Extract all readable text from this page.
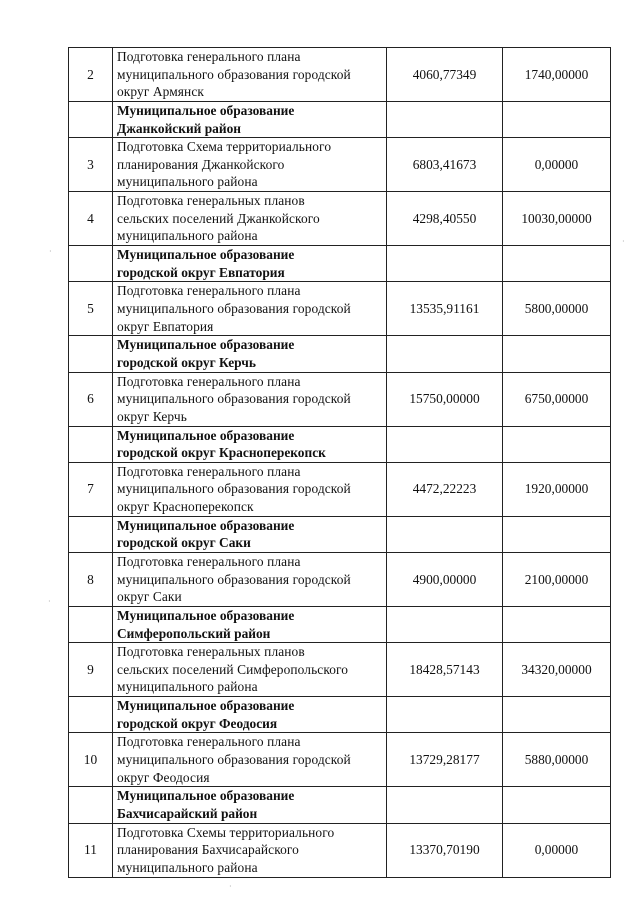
2	Подготовка генерального плана
муниципального образования городской
округ Армянск	4060,77349	1740,00000

	Муниципальное образование
Джанкойский район		

3	Подготовка Схема территориального
планирования Джанкойского
муниципального района	6803,41673	0,00000
4	Подготовка генеральных планов
сельских поселений Джанкойского
муниципального района	4298,40550	10030,00000

	Муниципальное образование
городской округ Евпатория		

5	Подготовка генерального плана
муниципального образования городской
округ Евпатория	13535,91161	5800,00000

	Муниципальное образование
городской округ Керчь		

6	Подготовка генерального плана
муниципального образования городской
округ Керчь	15750,00000	6750,00000

	Муниципальное образование
городской округ Красноперекопск		

7	Подготовка генерального плана
муниципального образования городской
округ Красноперекопск	4472,22223	1920,00000

	Муниципальное образование
городской округ Саки		

8	Подготовка генерального плана
муниципального образования городской
округ Саки	4900,00000	2100,00000

	Муниципальное образование
Симферопольский район		

9	Подготовка генеральных планов
сельских поселений Симферопольского
муниципального района	18428,57143	34320,00000

	Муниципальное образование
городской округ Феодосия		

10	Подготовка генерального плана
муниципального образования городской
округ Феодосия	13729,28177	5880,00000

	Муниципальное образование
Бахчисарайский район		

11	Подготовка Схемы территориального
планирования Бахчисарайского
муниципального района	13370,70190	0,00000
·
·
·
·
